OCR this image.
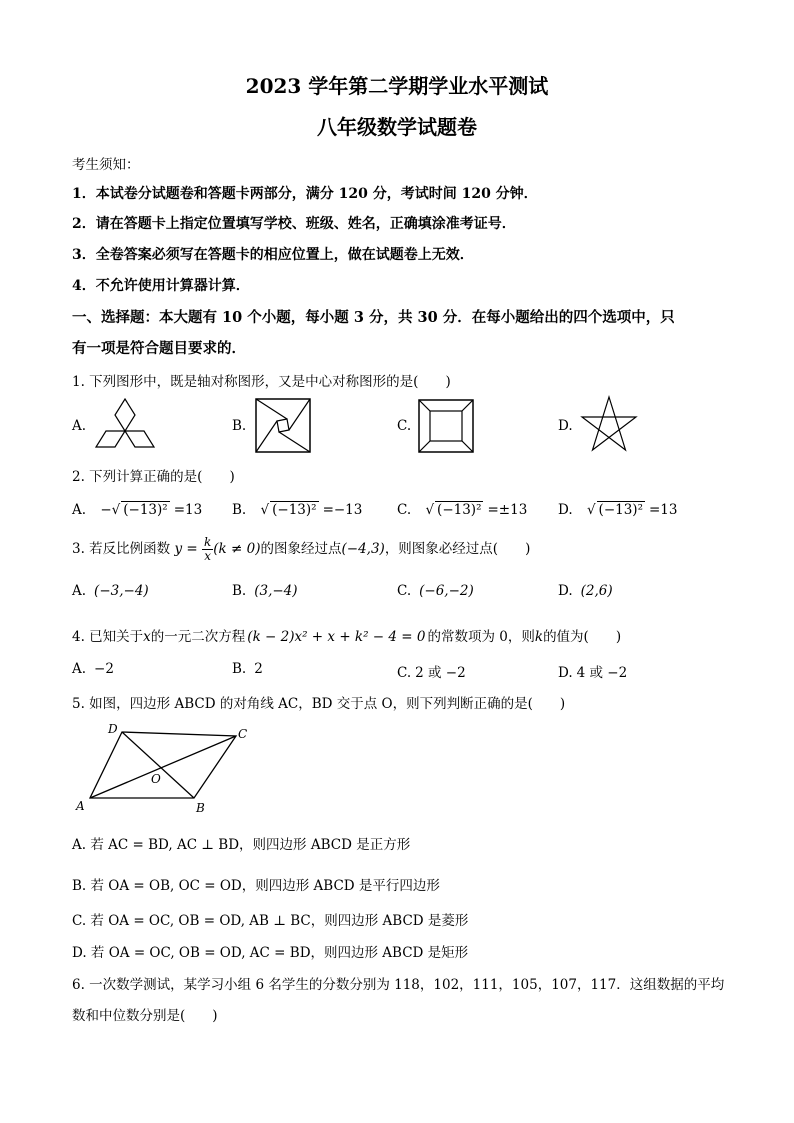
2023 学年第二学期学业水平测试
八年级数学试题卷
考生须知：
1．本试卷分试题卷和答题卡两部分，满分 120 分，考试时间 120 分钟．
2．请在答题卡上指定位置填写学校、班级、姓名，正确填涂准考证号．
3．全卷答案必须写在答题卡的相应位置上，做在试题卷上无效．
4．不允许使用计算器计算．
一、选择题：本大题有 10 个小题，每小题 3 分，共 30 分．在每小题给出的四个选项中，只
有一项是符合题目要求的．
1. 下列图形中，既是轴对称图形，又是中心对称图形的是(　　)
A.	B.	C.	D.
2. 下列计算正确的是(　　)
A. −√ (−13)² =13 B. √ (−13)² =−13	C. √ (−13)² =±13 D. √ (−13)² =13
3. 若反比例函数 $y = \frac{k}{x} (k \ne 0)$的图象经过点(−4,3)，则图象必经过点(　　)
A. (−3,−4)	B. (3,−4)	C. (−6,−2)	D. (2,6)
4. 已知关于x的一元二次方程 (k − 2)x² + x + k² − 4 = 0 的常数项为 0，则k的值为(　　)
A. −2	B. 2	C. 2 或 −2	D. 4 或 −2
5. 如图，四边形 ABCD 的对角线 AC，BD 交于点 O，则下列判断正确的是(　　)
A	B
C
D
O
A. 若 AC = BD, AC ⊥ BD，则四边形 ABCD 是正方形
B. 若 OA = OB, OC = OD，则四边形 ABCD 是平行四边形
C. 若 OA = OC, OB = OD, AB ⊥ BC，则四边形 ABCD 是菱形
D. 若 OA = OC, OB = OD, AC = BD，则四边形 ABCD 是矩形
6. 一次数学测试，某学习小组 6 名学生的分数分别为 118，102，111，105，107，117．这组数据的平均
数和中位数分别是(　　)
